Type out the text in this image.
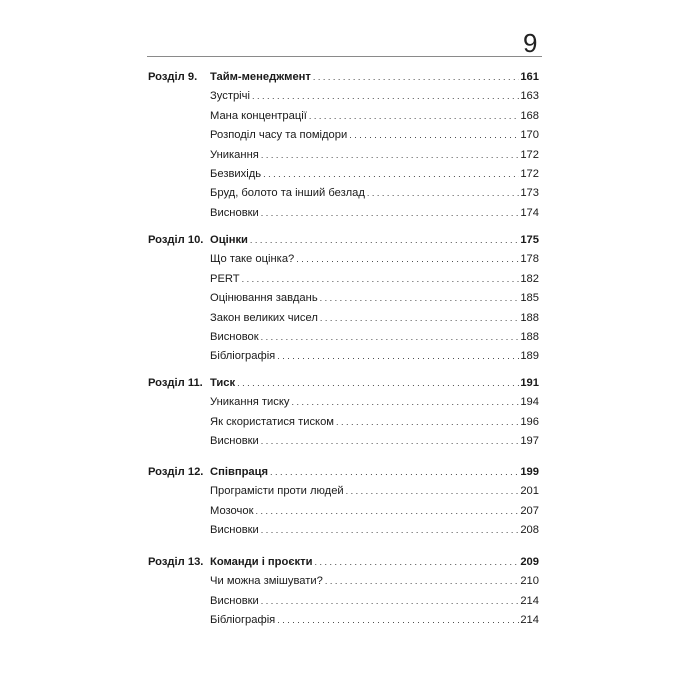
9
Розділ 9. Тайм-менеджмент . . .	161
Зустрічі . . .	163
Мана концентрації . . .	168
Розподіл часу та помідори . . .	170
Уникання . . .	172
Безвихідь . . .	172
Бруд, болото та інший безлад . . .	173
Висновки . . .	174
Розділ 10. Оцінки . . .	175
Що таке оцінка? . . .	178
PERT . . .	182
Оцінювання завдань . . .	185
Закон великих чисел . . .	188
Висновок . . .	188
Бібліографія . . .	189
Розділ 11. Тиск . . .	191
Уникання тиску . . .	194
Як скористатися тиском . . .	196
Висновки . . .	197
Розділ 12. Співпраця . . .	199
Програмісти проти людей . . .	201
Мозочок . . .	207
Висновки . . .	208
Розділ 13. Команди і проєкти . . .	209
Чи можна змішувати? . . .	210
Висновки . . .	214
Бібліографія . . .	214
